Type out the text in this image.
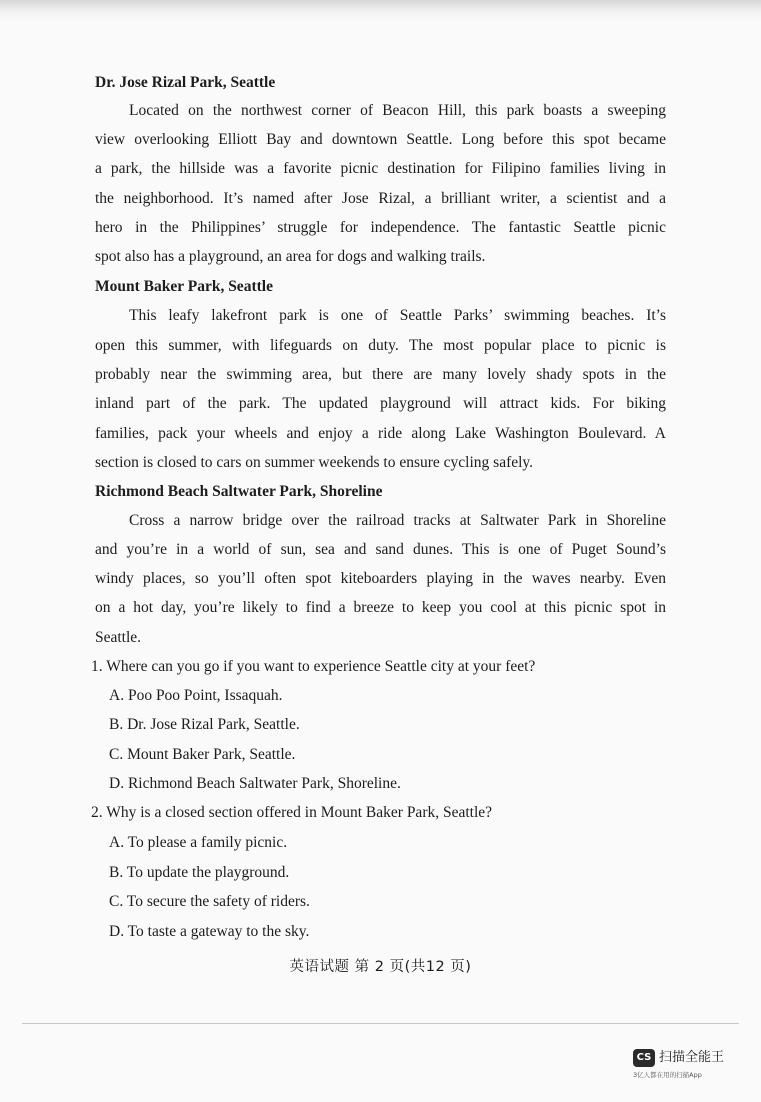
Dr. Jose Rizal Park, Seattle
Located on the northwest corner of Beacon Hill, this park boasts a sweeping
view overlooking Elliott Bay and downtown Seattle. Long before this spot became
a park, the hillside was a favorite picnic destination for Filipino families living in
the neighborhood. It’s named after Jose Rizal, a brilliant writer, a scientist and a
hero in the Philippines’ struggle for independence. The fantastic Seattle picnic
spot also has a playground, an area for dogs and walking trails.
Mount Baker Park, Seattle
This leafy lakefront park is one of Seattle Parks’ swimming beaches. It’s
open this summer, with lifeguards on duty. The most popular place to picnic is
probably near the swimming area, but there are many lovely shady spots in the
inland part of the park. The updated playground will attract kids. For biking
families, pack your wheels and enjoy a ride along Lake Washington Boulevard. A
section is closed to cars on summer weekends to ensure cycling safely.
Richmond Beach Saltwater Park, Shoreline
Cross a narrow bridge over the railroad tracks at Saltwater Park in Shoreline
and you’re in a world of sun, sea and sand dunes. This is one of Puget Sound’s
windy places, so you’ll often spot kiteboarders playing in the waves nearby. Even
on a hot day, you’re likely to find a breeze to keep you cool at this picnic spot in
Seattle.
1. Where can you go if you want to experience Seattle city at your feet?
A. Poo Poo Point, Issaquah.
B. Dr. Jose Rizal Park, Seattle.
C. Mount Baker Park, Seattle.
D. Richmond Beach Saltwater Park, Shoreline.
2. Why is a closed section offered in Mount Baker Park, Seattle?
A. To please a family picnic.
B. To update the playground.
C. To secure the safety of riders.
D. To taste a gateway to the sky.
英语试题 第 2 页(共12 页)
CS 扫描全能王
3亿人都在用的扫描App
